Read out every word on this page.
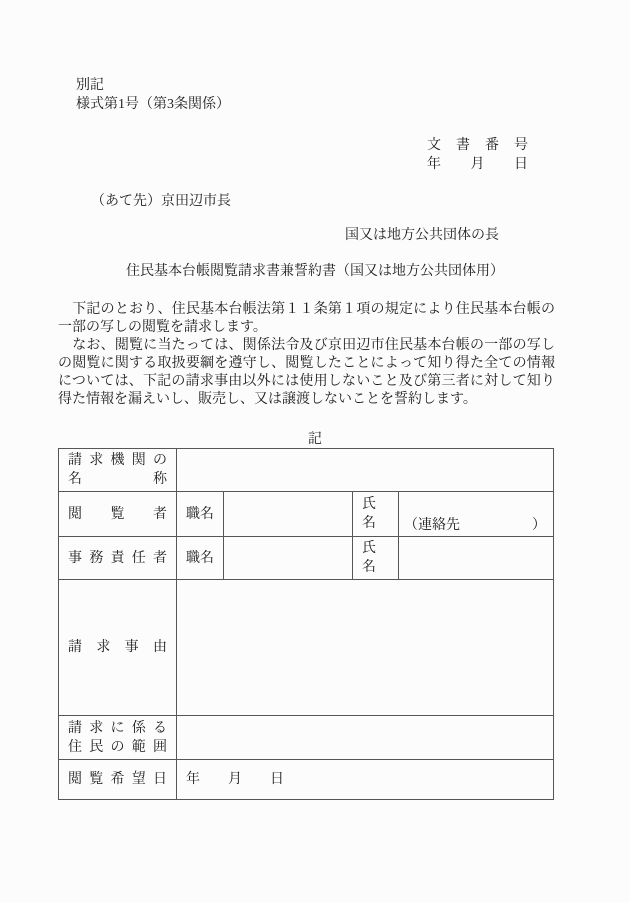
別記
様式第1号（第3条関係）
文書番号
年月日
（あて先）京田辺市長
国又は地方公共団体の長
住民基本台帳閲覧請求書兼誓約書（国又は地方公共団体用）

　下記のとおり、住民基本台帳法第１１条第１項の規定により住民基本台帳の一部の写しの閲覧を請求します。

　なお、閲覧に当たっては、関係法令及び京田辺市住民基本台帳の一部の写しの閲覧に関する取扱要綱を遵守し、閲覧したことによって知り得た全ての情報については、下記の請求事由以外には使用しないこと及び第三者に対して知り得た情報を漏えいし、販売し、又は譲渡しないことを誓約します。

記
請求機関の
名称				

閲覧者	職名		氏名	（連絡先 ）

事務責任者	職名		氏名	

請求事由				

請求に係る
住民の範囲				

閲覧希望日	年　　月　　日			
